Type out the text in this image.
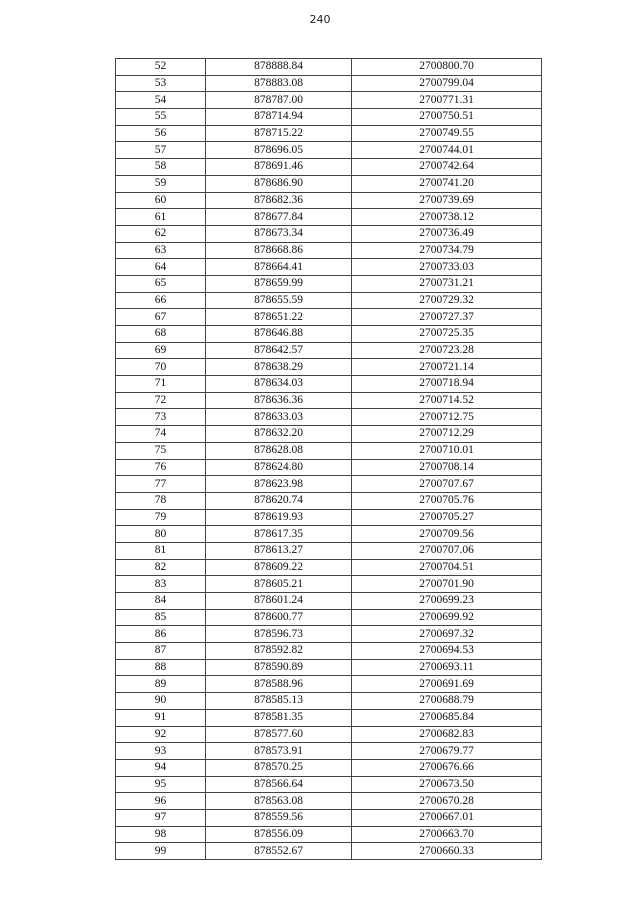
240
52	878888.84	2700800.70
53	878883.08	2700799.04
54	878787.00	2700771.31
55	878714.94	2700750.51
56	878715.22	2700749.55
57	878696.05	2700744.01
58	878691.46	2700742.64
59	878686.90	2700741.20
60	878682.36	2700739.69
61	878677.84	2700738.12
62	878673.34	2700736.49
63	878668.86	2700734.79
64	878664.41	2700733.03
65	878659.99	2700731.21
66	878655.59	2700729.32
67	878651.22	2700727.37
68	878646.88	2700725.35
69	878642.57	2700723.28
70	878638.29	2700721.14
71	878634.03	2700718.94
72	878636.36	2700714.52
73	878633.03	2700712.75
74	878632.20	2700712.29
75	878628.08	2700710.01
76	878624.80	2700708.14
77	878623.98	2700707.67
78	878620.74	2700705.76
79	878619.93	2700705.27
80	878617.35	2700709.56
81	878613.27	2700707.06
82	878609.22	2700704.51
83	878605.21	2700701.90
84	878601.24	2700699.23
85	878600.77	2700699.92
86	878596.73	2700697.32
87	878592.82	2700694.53
88	878590.89	2700693.11
89	878588.96	2700691.69
90	878585.13	2700688.79
91	878581.35	2700685.84
92	878577.60	2700682.83
93	878573.91	2700679.77
94	878570.25	2700676.66
95	878566.64	2700673.50
96	878563.08	2700670.28
97	878559.56	2700667.01
98	878556.09	2700663.70
99	878552.67	2700660.33
